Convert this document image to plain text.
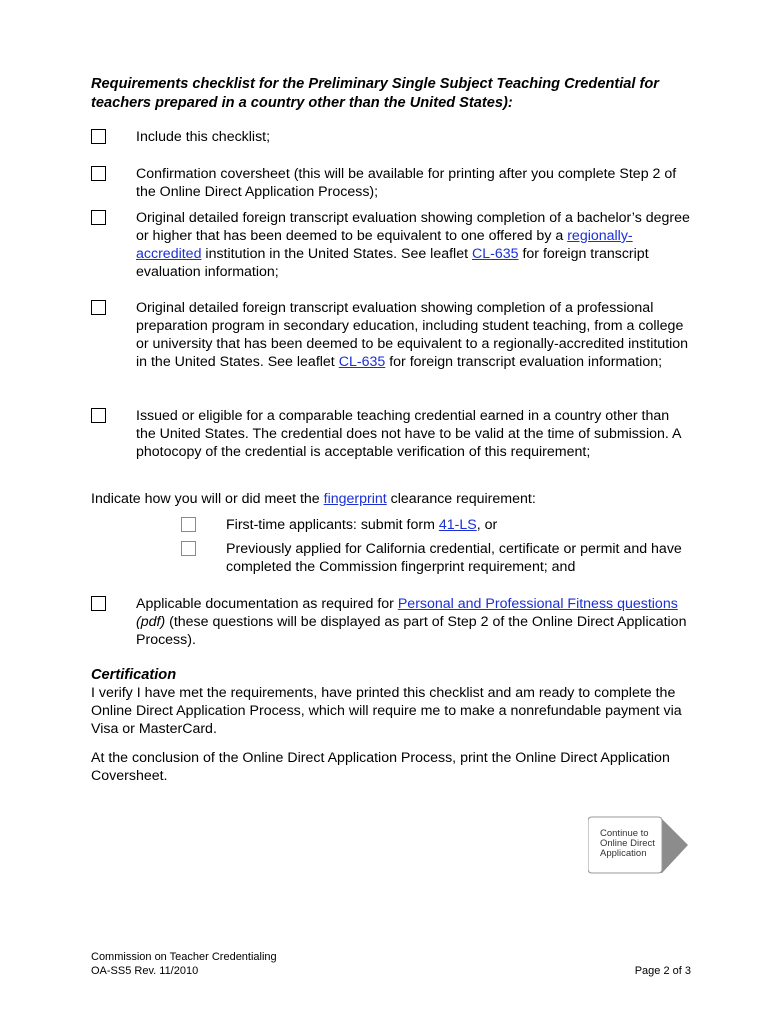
Requirements checklist for the Preliminary Single Subject Teaching Credential for teachers prepared in a country other than the United States):
Include this checklist;
Confirmation coversheet (this will be available for printing after you complete Step 2 of the Online Direct Application Process);
Original detailed foreign transcript evaluation showing completion of a bachelor’s degree or higher that has been deemed to be equivalent to one offered by a regionally-accredited institution in the United States. See leaflet CL-635 for foreign transcript evaluation information;
Original detailed foreign transcript evaluation showing completion of a professional preparation program in secondary education, including student teaching, from a college or university that has been deemed to be equivalent to a regionally-accredited institution in the United States. See leaflet CL-635 for foreign transcript evaluation information;
Issued or eligible for a comparable teaching credential earned in a country other than the United States. The credential does not have to be valid at the time of submission. A photocopy of the credential is acceptable verification of this requirement;
Indicate how you will or did meet the fingerprint clearance requirement:
First-time applicants: submit form 41-LS, or
Previously applied for California credential, certificate or permit and have completed the Commission fingerprint requirement; and
Applicable documentation as required for Personal and Professional Fitness questions (pdf) (these questions will be displayed as part of Step 2 of the Online Direct Application Process).
Certification
I verify I have met the requirements, have printed this checklist and am ready to complete the Online Direct Application Process, which will require me to make a nonrefundable payment via Visa or MasterCard.
At the conclusion of the Online Direct Application Process, print the Online Direct Application Coversheet.
Continue to
Online Direct
Application
Commission on Teacher Credentialing
OA-SS5 Rev. 11/2010	Page 2 of 3
